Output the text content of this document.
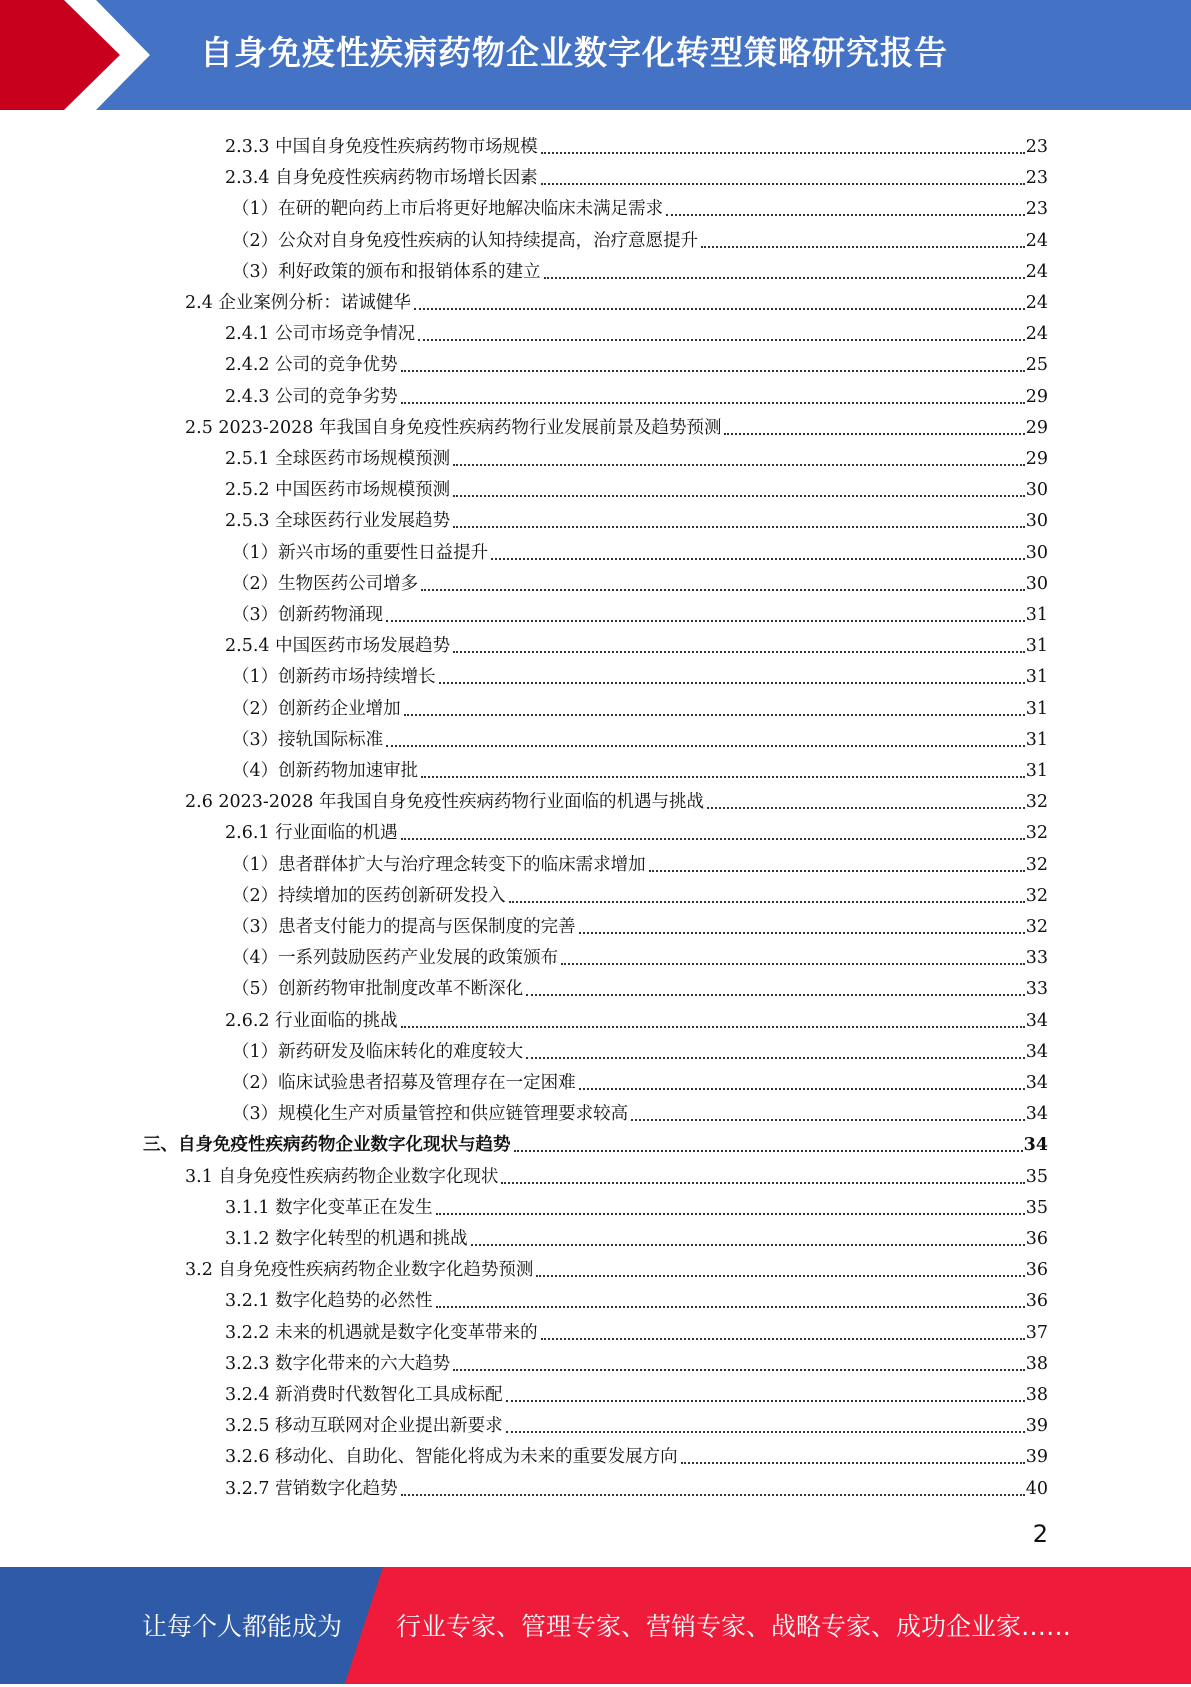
自身免疫性疾病药物企业数字化转型策略研究报告
2.3.3 中国自身免疫性疾病药物市场规模	23
2.3.4 自身免疫性疾病药物市场增长因素	23
（1）在研的靶向药上市后将更好地解决临床未满足需求	23
（2）公众对自身免疫性疾病的认知持续提高，治疗意愿提升	24
（3）利好政策的颁布和报销体系的建立	24
2.4 企业案例分析：诺诚健华	24
2.4.1 公司市场竞争情况	24
2.4.2 公司的竞争优势	25
2.4.3 公司的竞争劣势	29
2.5 2023-2028 年我国自身免疫性疾病药物行业发展前景及趋势预测	29
2.5.1 全球医药市场规模预测	29
2.5.2 中国医药市场规模预测	30
2.5.3 全球医药行业发展趋势	30
（1）新兴市场的重要性日益提升	30
（2）生物医药公司增多	30
（3）创新药物涌现	31
2.5.4 中国医药市场发展趋势	31
（1）创新药市场持续增长	31
（2）创新药企业增加	31
（3）接轨国际标准	31
（4）创新药物加速审批	31
2.6 2023-2028 年我国自身免疫性疾病药物行业面临的机遇与挑战	32
2.6.1 行业面临的机遇	32
（1）患者群体扩大与治疗理念转变下的临床需求增加	32
（2）持续增加的医药创新研发投入	32
（3）患者支付能力的提高与医保制度的完善	32
（4）一系列鼓励医药产业发展的政策颁布	33
（5）创新药物审批制度改革不断深化	33
2.6.2 行业面临的挑战	34
（1）新药研发及临床转化的难度较大	34
（2）临床试验患者招募及管理存在一定困难	34
（3）规模化生产对质量管控和供应链管理要求较高	34
三、自身免疫性疾病药物企业数字化现状与趋势	34
3.1 自身免疫性疾病药物企业数字化现状	35
3.1.1 数字化变革正在发生	35
3.1.2 数字化转型的机遇和挑战	36
3.2 自身免疫性疾病药物企业数字化趋势预测	36
3.2.1 数字化趋势的必然性	36
3.2.2 未来的机遇就是数字化变革带来的	37
3.2.3 数字化带来的六大趋势	38
3.2.4 新消费时代数智化工具成标配	38
3.2.5 移动互联网对企业提出新要求	39
3.2.6 移动化、自助化、智能化将成为未来的重要发展方向	39
3.2.7 营销数字化趋势	40
2
让每个人都能成为 行业专家、管理专家、营销专家、战略专家、成功企业家……
